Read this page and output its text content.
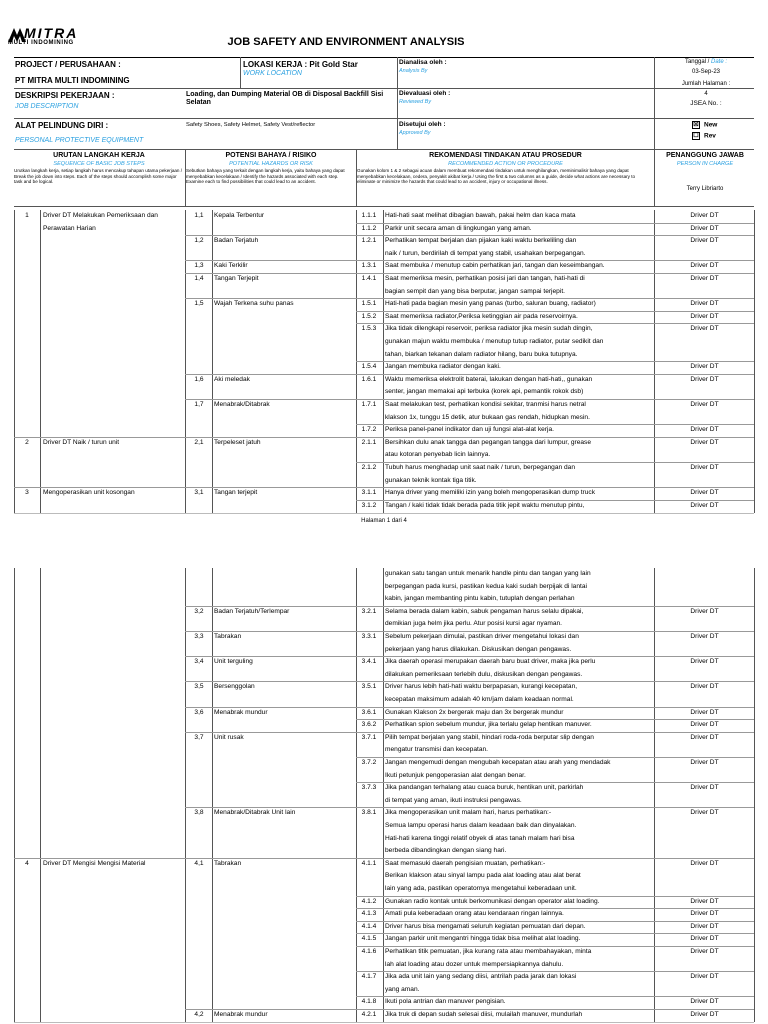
MITRA
MULTI INDOMINING	JOB SAFETY AND ENVIRONMENT ANALYSIS
PROJECT / PERUSAHAAN :
PT MITRA MULTI INDOMINING
LOKASI KERJA : Pit Gold Star
WORK LOCATION
Dianalisa oleh :
Analysis By
Tanggal / Date :
03-Sep-23
Jumlah Halaman :
4
DESKRIPSI PEKERJAAN :
JOB DESCRIPTION
Loading, dan Dumping Material OB di Disposal Backfill Sisi Selatan
Dievaluasi oleh :
Reviewed By	JSEA No. :
ALAT PELINDUNG DIRI :
PERSONAL PROTECTIVE EQUIPMENT
Safety Shoes, Safety Helmet, Safety Vest/reflector	Disetujui oleh :
Approved By
☒ New
☐ Rev
URUTAN LANGKAH KERJA
SEQUENCE OF BASIC JOB STEPS
Urutkan langkah kerja, setiap langkah harus mencakup tahapan utama pekerjaan / Break the job down into steps. Each of the steps should accomplish some major task and be logical.
POTENSI BAHAYA / RISIKO
POTENTIAL HAZARDS OR RISK
Sebutkan bahaya yang terkait dengan langkah kerja, yaitu bahaya yang dapat menyebabkan kecelakaan / Identify the hazards associated with each step. Examine each to find possibilities that could lead to an accident.
REKOMENDASI TINDAKAN ATAU PROSEDUR
RECOMMENDED ACTION OR PROCEDURE
Gunakan kolom 1 & 2 sebagai acuan dalam membuat rekomendasi tindakan untuk menghilangkan, meminimalisir bahaya yang dapat menyebabkan kecelakaan, cedera, penyakit akibat kerja / Using the first & two columns as a guide, decide what actions are necessary to eliminate or minimize the hazards that could lead to an accident, injury or occupational illness.
PENANGGUNG JAWAB
PERSON IN CHARGE
Terry Libriarto
1	Driver DT Melakukan Pemeriksaan dan	1,1	Kepala Terbentur	1.1.1	Hati-hati saat melihat dibagian bawah, pakai helm dan kaca mata	Driver DT
Perawatan Harian	1.1.2	Parkir unit secara aman di lingkungan yang aman.	Driver DT
1,2	Badan Terjatuh	1.2.1	Perhatikan tempat berjalan dan pijakan kaki waktu berkeliling dan	Driver DT
naik / turun, berdirilah di tempat yang stabil, usahakan berpegangan.
1,3	Kaki Terkilir	1.3.1	Saat membuka / menutup cabin perhatikan jari, tangan dan keseimbangan.	Driver DT
1,4	Tangan Terjepit	1.4.1	Saat memeriksa mesin, perhatikan posisi jari dan tangan, hati-hati di	Driver DT
bagian sempit dan yang bisa berputar, jangan sampai terjepit.
1,5	Wajah Terkena suhu panas	1.5.1	Hati-hati pada bagian mesin yang panas (turbo, saluran buang, radiator)	Driver DT
1.5.2	Saat memeriksa radiator,Periksa ketinggian air pada reservoirnya.	Driver DT
1.5.3	Jika tidak dilengkapi reservoir, periksa radiator jika mesin sudah dingin,	Driver DT
gunakan majun waktu membuka / menutup tutup radiator, putar sedikit dan
tahan, biarkan tekanan dalam radiator hilang, baru buka tutupnya.
1.5.4	Jangan membuka radiator dengan kaki.	Driver DT
1,6	Aki meledak	1.6.1	Waktu memeriksa elektrolit baterai, lakukan dengan hati-hati,, gunakan	Driver DT
senter, jangan memakai api terbuka (korek api, pemantik rokok dsb)
1,7	Menabrak/Ditabrak	1.7.1	Saat melakukan test, perhatikan kondisi sekitar, tranmisi harus netral	Driver DT
klakson 1x, tunggu 15 detik, atur bukaan gas rendah, hidupkan mesin.
1.7.2	Periksa panel-panel indikator dan uji fungsi alat-alat kerja.	Driver DT
2	Driver DT Naik / turun unit	2,1	Terpeleset jatuh	2.1.1	Bersihkan dulu anak tangga dan pegangan tangga dari lumpur, grease	Driver DT
atau kotoran penyebab licin lainnya.
2.1.2	Tubuh harus menghadap unit saat naik / turun, berpegangan dan	Driver DT
gunakan teknik kontak tiga titik.
3	Mengoperasikan unit kosongan	3,1	Tangan terjepit	3.1.1	Hanya driver yang memiliki izin yang boleh mengoperasikan dump truck	Driver DT
3.1.2	Tangan / kaki tidak tidak berada pada titik jepit waktu menutup pintu,	Driver DT
Halaman 1 dari 4
gunakan satu tangan untuk menarik handle pintu dan tangan yang lain
berpegangan pada kursi, pastikan kedua kaki sudah berpijak di lantai
kabin, jangan membanting pintu kabin, tutuplah dengan perlahan
3,2	Badan Terjatuh/Terlempar	3.2.1	Selama berada dalam kabin, sabuk pengaman harus selalu dipakai,	Driver DT
demikian juga helm jika perlu. Atur posisi kursi agar nyaman.
3,3	Tabrakan	3.3.1	Sebelum pekerjaan dimulai, pastikan driver mengetahui lokasi dan	Driver DT
pekerjaan yang harus dilakukan. Diskusikan dengan pengawas.
3,4	Unit terguling	3.4.1	Jika daerah operasi merupakan daerah baru buat driver, maka jika perlu	Driver DT
dilakukan pemeriksaan terlebih dulu, diskusikan dengan pengawas.
3,5	Bersenggolan	3.5.1	Driver harus lebih hati-hati waktu berpapasan, kurangi kecepatan,	Driver DT
kecepatan maksimum adalah 40 km/jam dalam keadaan normal.
3,6	Menabrak mundur	3.6.1	Gunakan Klakson 2x bergerak maju dan 3x bergerak mundur	Driver DT
3.6.2	Perhatikan spion sebelum mundur, jika terlalu gelap hentikan manuver.	Driver DT
3,7	Unit rusak	3.7.1	Pilih tempat berjalan yang stabil, hindari roda-roda berputar slip dengan	Driver DT
mengatur transmisi dan kecepatan.
3.7.2	Jangan mengemudi dengan mengubah kecepatan atau arah yang mendadak	Driver DT
Ikuti petunjuk pengoperasian alat dengan benar.
3.7.3	Jika pandangan terhalang atau cuaca buruk, hentikan unit, parkirlah	Driver DT
di tempat yang aman, ikuti instruksi pengawas.
3,8	Menabrak/Ditabrak Unit lain	3.8.1	Jika mengoperasikan unit malam hari, harus perhatikan:-	Driver DT
Semua lampu operasi harus dalam keadaan baik dan dinyalakan.
Hati-hati karena tinggi relatif obyek di atas tanah malam hari bisa
berbeda dibandingkan dengan siang hari.
4	Driver DT Mengisi Mengisi Material	4,1	Tabrakan	4.1.1	Saat memasuki daerah pengisian muatan, perhatikan:-	Driver DT
Berikan klakson atau sinyal lampu pada alat loading atau alat berat
lain yang ada, pastikan operatornya mengetahui keberadaan unit.
4.1.2	Gunakan radio kontak untuk berkomunikasi dengan operator alat loading.	Driver DT
4.1.3	Amati pula keberadaan orang atau kendaraan ringan lainnya.	Driver DT
4.1.4	Driver harus bisa mengamati seluruh kegiatan pemuatan dari depan.	Driver DT
4.1.5	Jangan parkir unit mengantri hingga tidak bisa melihat alat loading.	Driver DT
4.1.6	Perhatikan titik pemuatan, jika kurang rata atau membahayakan, minta	Driver DT
lah alat loading atau dozer untuk mempersiapkannya dahulu.
4.1.7	Jika ada unit lain yang sedang diisi, antrilah pada jarak dan lokasi	Driver DT
yang aman.
4.1.8	Ikuti pola antrian dan manuver pengisian.	Driver DT
4,2	Menabrak mundur	4.2.1	Jika truk di depan sudah selesai diisi, mulailah manuver, mundurlah	Driver DT
